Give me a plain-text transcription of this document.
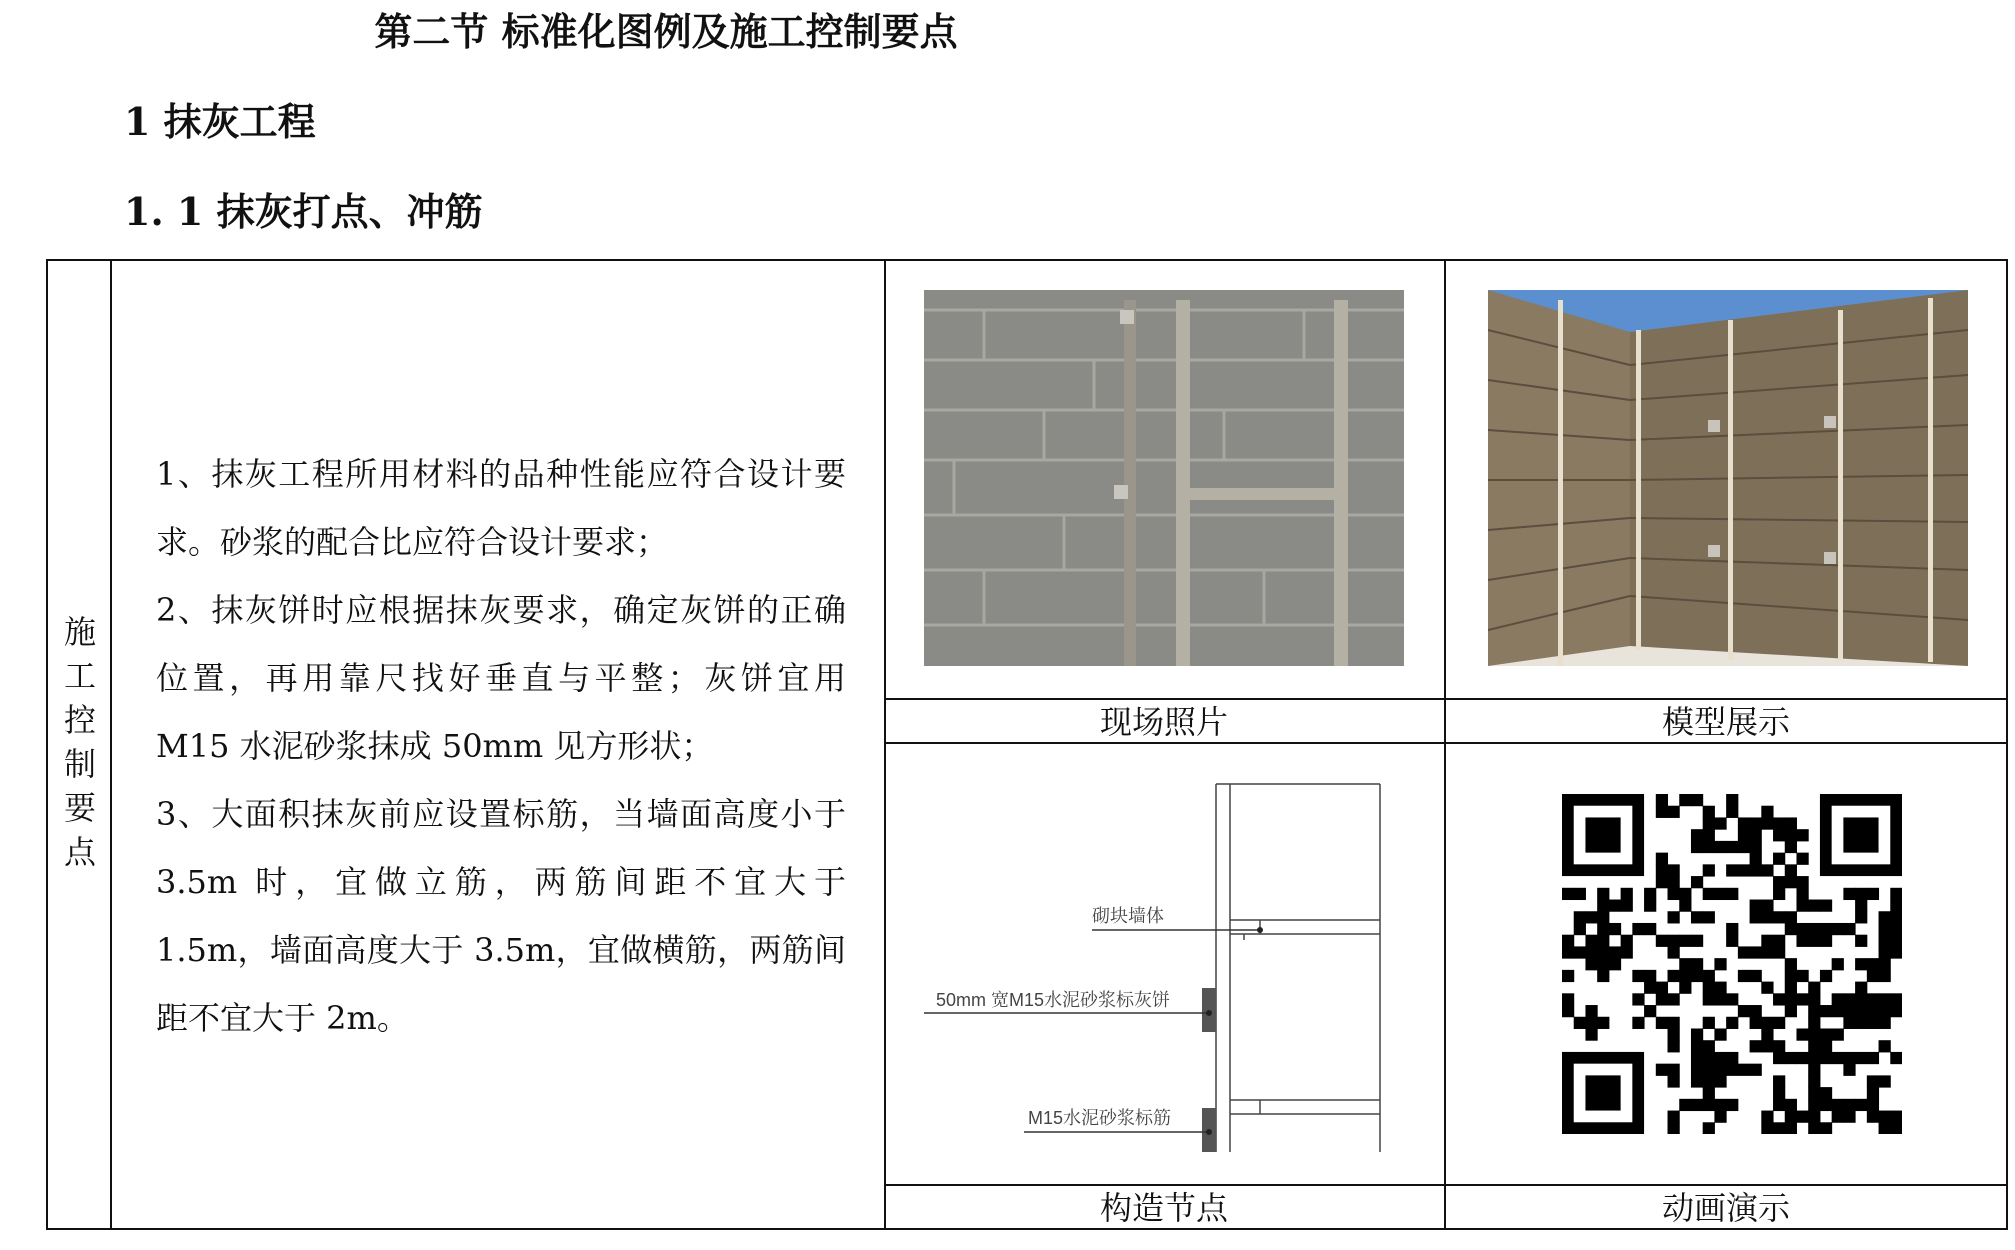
第二节 标准化图例及施工控制要点
1 抹灰工程
1. 1 抹灰打点、冲筋
施
工
控
制
要
点

1、抹灰工程所用材料的品种性能应符合设计要求。砂浆的配合比应符合设计要求；

2、抹灰饼时应根据抹灰要求，确定灰饼的正确位置，再用靠尺找好垂直与平整；灰饼宜用 M15 水泥砂浆抹成 50mm 见方形状；

3、大面积抹灰前应设置标筋，当墙面高度小于 3.5m 时，宜做立筋，两筋间距不宜大于 1.5m，墙面高度大于 3.5m，宜做横筋，两筋间距不宜大于 2m。

现场照片	模型展示
砌块墙体
50mm 宽M15水泥砂浆标灰饼
M15水泥砂浆标筋
构造节点	动画演示
